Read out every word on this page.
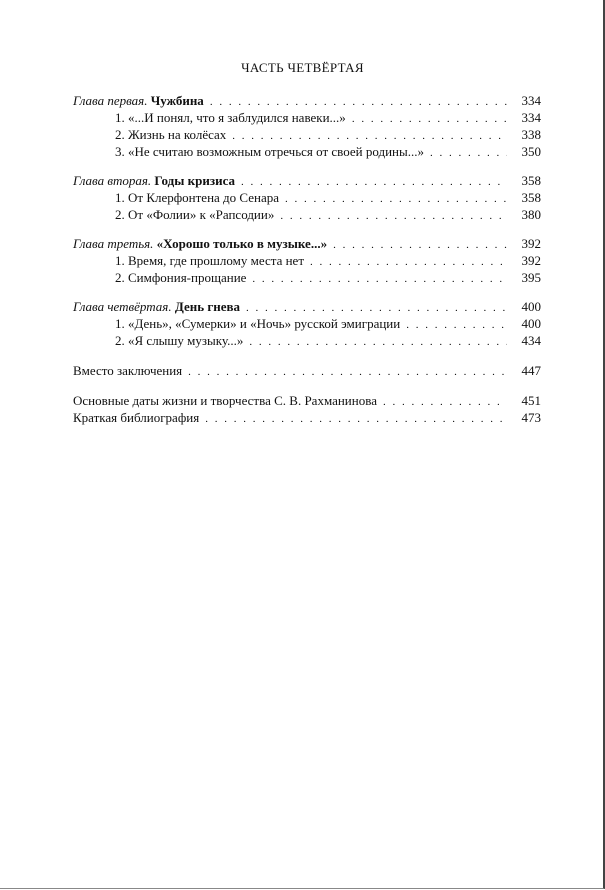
ЧАСТЬ ЧЕТВЁРТАЯ
Глава первая. Чужбина . . .	334
1. «...И понял, что я заблудился навеки...» . . .	334
2. Жизнь на колёсах . . .	338
3. «Не считаю возможным отречься от своей родины...» . . .	350
Глава вторая. Годы кризиса . . .	358
1. От Клерфонтена до Сенара . . .	358
2. От «Фолии» к «Рапсодии» . . .	380
Глава третья. «Хорошо только в музыке...» . . .	392
1. Время, где прошлому места нет . . .	392
2. Симфония-прощание . . .	395
Глава четвёртая. День гнева . . .	400
1. «День», «Сумерки» и «Ночь» русской эмиграции . . .	400
2. «Я слышу музыку...» . . .	434
Вместо заключения . . .	447
Основные даты жизни и творчества С. В. Рахманинова . . .	451
Краткая библиография . . .	473
